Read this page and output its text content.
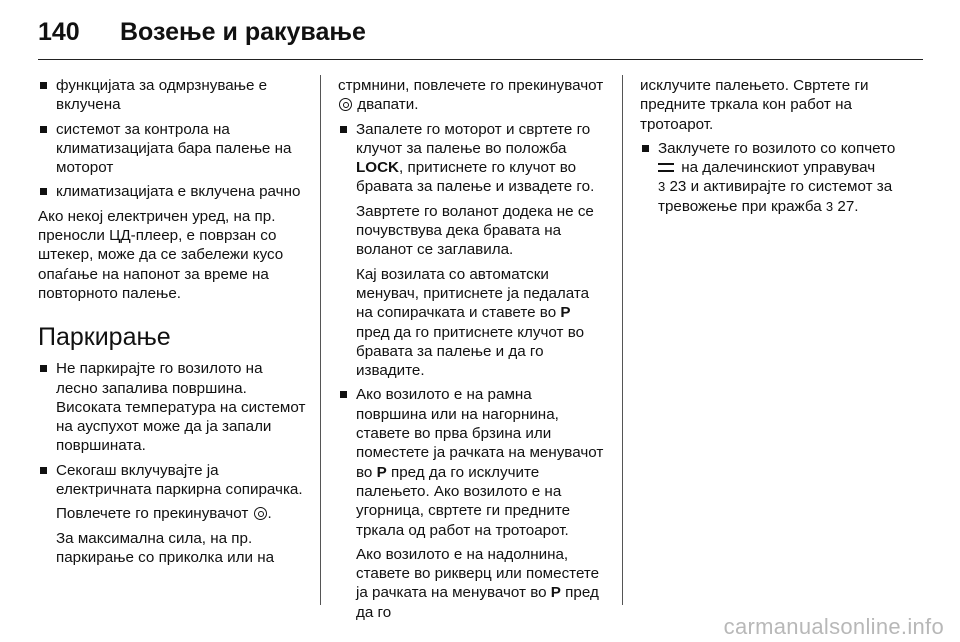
140	Возење и ракување
функцијата за одмрзнување е вклучена
системот за контрола на климатизацијата бара палење на моторот
климатизацијата е вклучена рачно
Ако некој електричен уред, на пр. преносли ЦД-плеер, е поврзан со штекер, може да се забележи кусо опаѓање на напонот за време на повторното палење.
Паркирање
Не паркирајте го возилото на лесно запалива површина. Високата температура на системот на ауспухот може да ја запали површината.
Секогаш вклучувајте ја електричната паркирна сопирачка.
Повлечете го прекинувачот .
За максимална сила, на пр. паркирање со приколка или на
стрмнини, повлечете го прекинувачот  двапати.
Запалете го моторот и свртете го клучот за палење во положба LOCK, притиснете го клучот во бравата за палење и извадете го.
Завртете го воланот додека не се почувствува дека бравата на воланот се заглавила.
Кај возилата со автоматски менувач, притиснете ја педалата на сопирачката и ставете во P пред да го притиснете клучот во бравата за палење и да го извадите.
Ако возилото е на рамна површина или на нагорнина, ставете во прва брзина или поместете ја рачката на менувачот во P пред да го исклучите палењето. Ако возилото е на угорница, свртете ги предните тркала од работ на тротоарот.
Ако возилото е на надолнина, ставете во рикверц или поместете ја рачката на менувачот во P пред да го
исклучите палењето. Свртете ги предните тркала кон работ на тротоарот.
Заклучете го возилото со копчето
на далечинскиот управувач
3 23 и активирајте го системот за тревожење при кражба 3 27.
carmanualsonline.info
